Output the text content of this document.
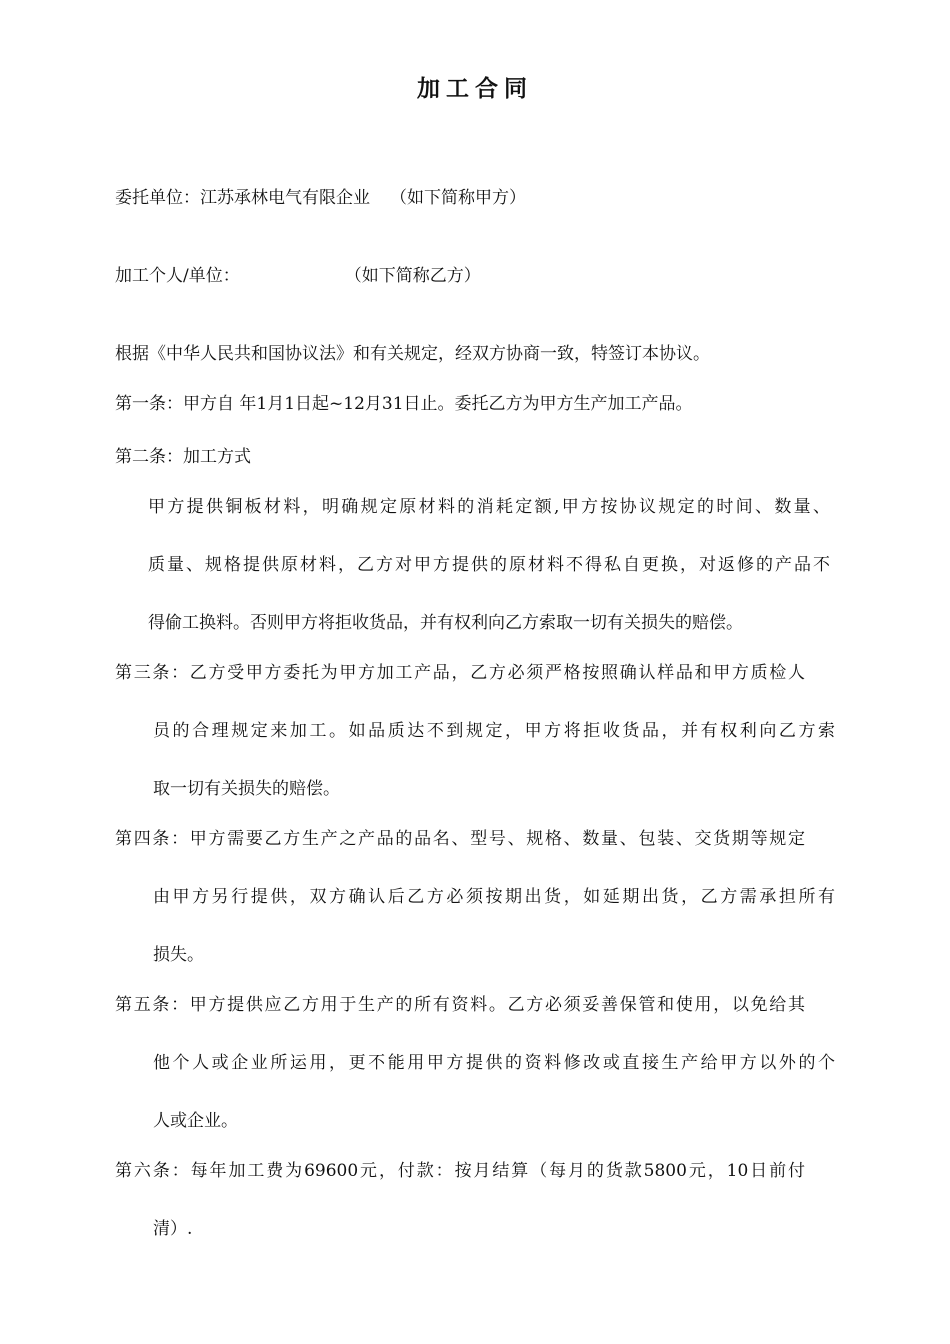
加工合同
委托单位：江苏承林电气有限企业 （如下简称甲方）
加工个人/单位：	（如下简称乙方）
根据《中华人民共和国协议法》和有关规定，经双方协商一致，特签订本协议。
第一条：甲方自 年1月1日起~12月31日止。委托乙方为甲方生产加工产品。
第二条：加工方式
甲方提供铜板材料，明确规定原材料的消耗定额,甲方按协议规定的时间、数量、
质量、规格提供原材料，乙方对甲方提供的原材料不得私自更换，对返修的产品不
得偷工换料。否则甲方将拒收货品，并有权利向乙方索取一切有关损失的赔偿。
第三条：乙方受甲方委托为甲方加工产品，乙方必须严格按照确认样品和甲方质检人
员的合理规定来加工。如品质达不到规定，甲方将拒收货品，并有权利向乙方索
取一切有关损失的赔偿。
第四条：甲方需要乙方生产之产品的品名、型号、规格、数量、包装、交货期等规定
由甲方另行提供，双方确认后乙方必须按期出货，如延期出货，乙方需承担所有
损失。
第五条：甲方提供应乙方用于生产的所有资料。乙方必须妥善保管和使用，以免给其
他个人或企业所运用，更不能用甲方提供的资料修改或直接生产给甲方以外的个
人或企业。
第六条：每年加工费为69600元，付款：按月结算（每月的货款5800元，10日前付
清）.
